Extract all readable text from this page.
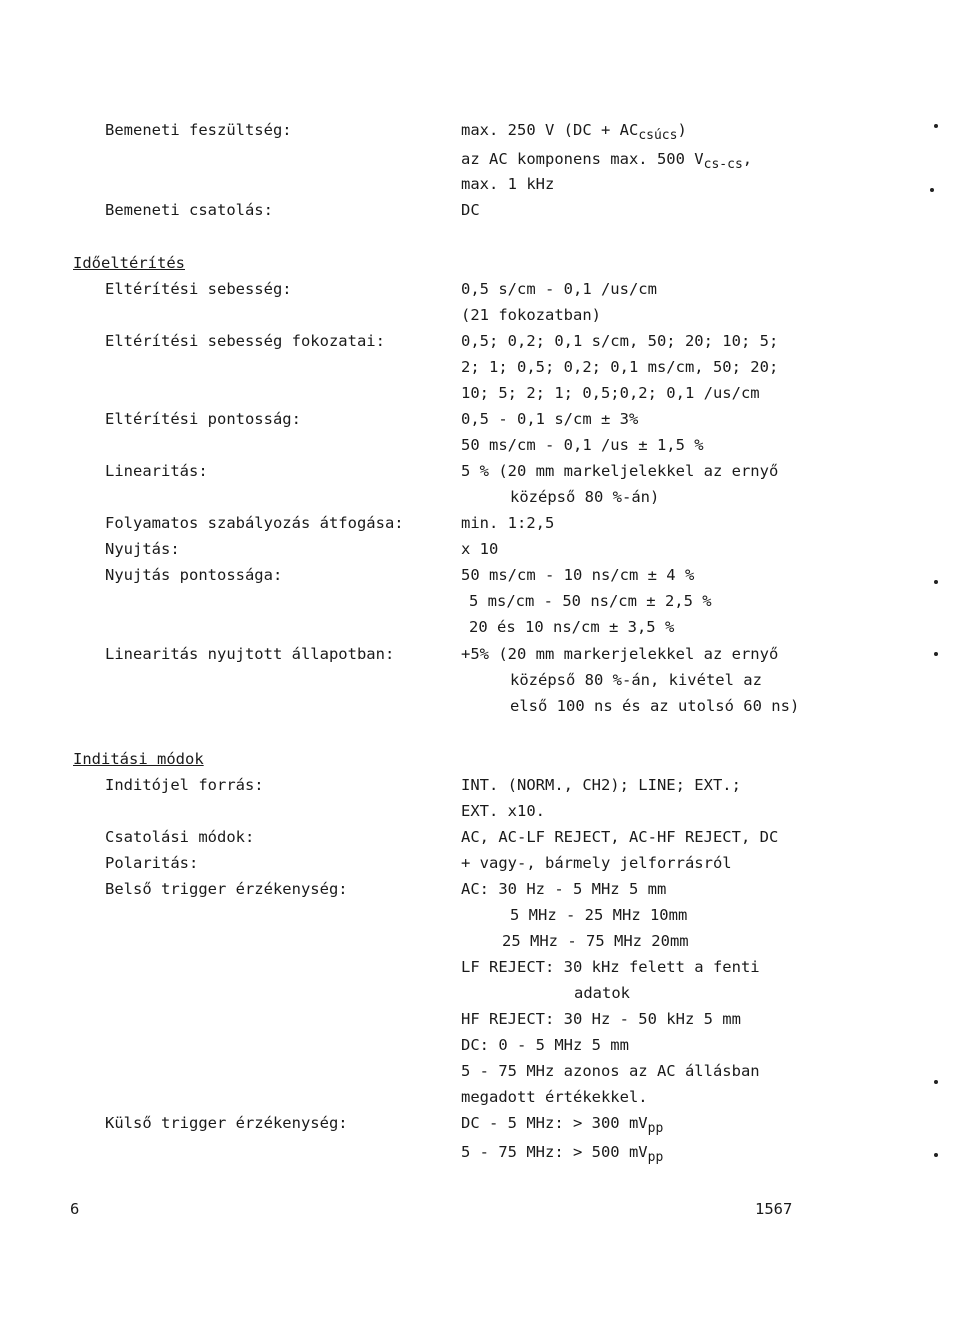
Bemeneti feszültség:	max. 250 V $(DC + AC_{csúcs})$
az AC komponens max. 500 $V_{cs-cs}$,
max. 1 kHz
Bemeneti csatolás:	DC
Időeltérítés
Eltérítési sebesség:	0,5 s/cm - 0,1 /us/cm
(21 fokozatban)
Eltérítési sebesség fokozatai:	0,5; 0,2; 0,1 s/cm, 50; 20; 10; 5;
2; 1; 0,5; 0,2; 0,1 ms/cm, 50; 20;
10; 5; 2; 1; 0,5;0,2; 0,1 /us/cm
Eltérítési pontosság:	0,5 - 0,1 s/cm ± 3%
50 ms/cm - 0,1 /us ± 1,5 %
Linearitás:	5 % (20 mm markeljelekkel az ernyő
középső 80 %-án)
Folyamatos szabályozás átfogása:	min. 1:2,5
Nyujtás:	x 10
Nyujtás pontossága:	50 ms/cm - 10 ns/cm ± 4 %
5 ms/cm - 50 ns/cm ± 2,5 %
20 és 10 ns/cm ± 3,5 %
Linearitás nyujtott állapotban:	+5% (20 mm markerjelekkel az ernyő
középső 80 %-án, kivétel az
első 100 ns és az utolsó 60 ns)
Inditási módok
Inditójel forrás:	INT. (NORM., CH2); LINE; EXT.;
EXT. x10.
Csatolási módok:	AC, AC-LF REJECT, AC-HF REJECT, DC
Polaritás:	+ vagy-, bármely jelforrásról
Belső trigger érzékenység:	AC: 30 Hz - 5 MHz 5 mm
5 MHz - 25 MHz 10mm
25 MHz - 75 MHz 20mm
LF REJECT: 30 kHz felett a fenti
adatok
HF REJECT: 30 Hz - 50 kHz 5 mm
DC: 0 - 5 MHz 5 mm
5 - 75 MHz azonos az AC állásban
megadott értékekkel.
Külső trigger érzékenység:	DC - 5 MHz: > 300 $mV_{pp}$
5 - 75 MHz: > 500 $mV_{pp}$
6	1567
